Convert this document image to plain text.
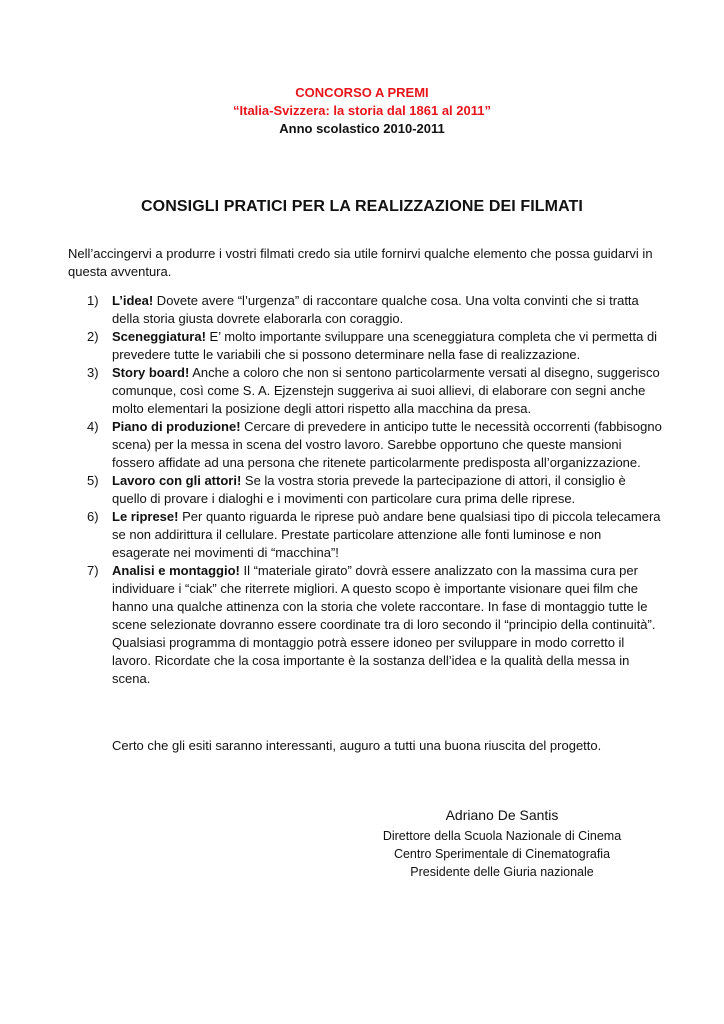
CONCORSO A PREMI
“Italia-Svizzera: la storia dal 1861 al 2011”
Anno scolastico 2010-2011
CONSIGLI PRATICI PER LA REALIZZAZIONE DEI FILMATI

Nell’accingervi a produrre i vostri filmati credo sia utile fornirvi qualche elemento che possa guidarvi in questa avventura.

1) L’idea! Dovete avere “l’urgenza” di raccontare qualche cosa. Una volta convinti che si tratta della storia giusta dovrete elaborarla con coraggio.
2) Sceneggiatura! E’ molto importante sviluppare una sceneggiatura completa che vi permetta di prevedere tutte le variabili che si possono determinare nella fase di realizzazione.
3) Story board! Anche a coloro che non si sentono particolarmente versati al disegno, suggerisco comunque, così come S. A. Ejzenstejn suggeriva ai suoi allievi, di elaborare con segni anche molto elementari la posizione degli attori rispetto alla macchina da presa.
4) Piano di produzione! Cercare di prevedere in anticipo tutte le necessità occorrenti (fabbisogno scena) per la messa in scena del vostro lavoro. Sarebbe opportuno che queste mansioni fossero affidate ad una persona che ritenete particolarmente predisposta all’organizzazione.
5) Lavoro con gli attori! Se la vostra storia prevede la partecipazione di attori, il consiglio è quello di provare i dialoghi e i movimenti con particolare cura prima delle riprese.
6) Le riprese! Per quanto riguarda le riprese può andare bene qualsiasi tipo di piccola telecamera se non addirittura il cellulare. Prestate particolare attenzione alle fonti luminose e non esagerate nei movimenti di “macchina”!
7) Analisi e montaggio! Il “materiale girato” dovrà essere analizzato con la massima cura per individuare i “ciak” che riterrete migliori. A questo scopo è importante visionare quei film che hanno una qualche attinenza con la storia che volete raccontare. In fase di montaggio tutte le scene selezionate dovranno essere coordinate tra di loro secondo il “principio della continuità”. Qualsiasi programma di montaggio potrà essere idoneo per sviluppare in modo corretto il lavoro. Ricordate che la cosa importante è la sostanza dell’idea e la qualità della messa in scena.

Certo che gli esiti saranno interessanti, auguro a tutti una buona riuscita del progetto.

Adriano De Santis
Direttore della Scuola Nazionale di Cinema
Centro Sperimentale di Cinematografia
Presidente delle Giuria nazionale
